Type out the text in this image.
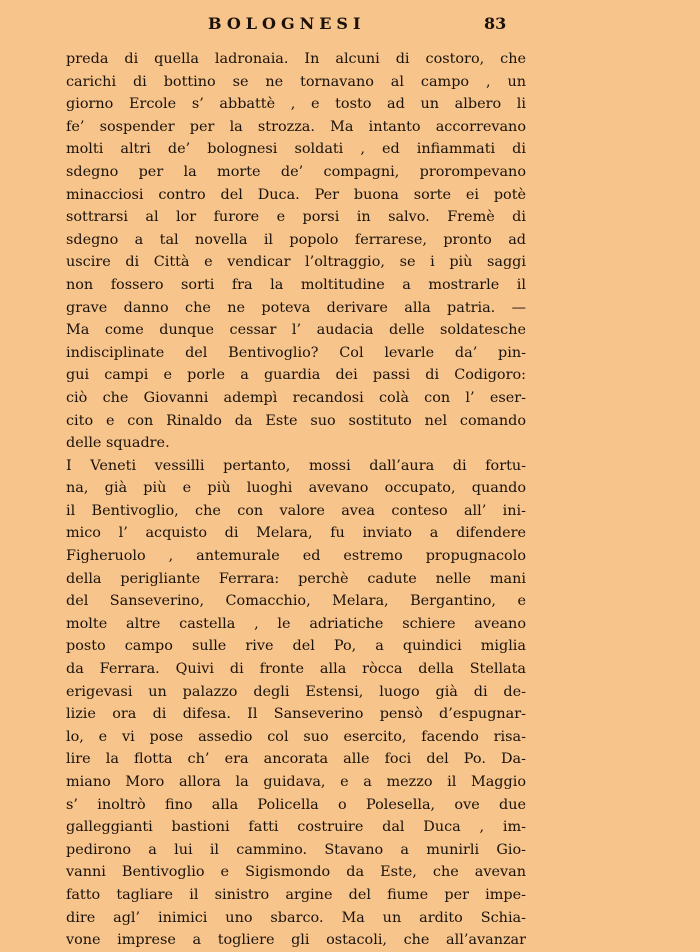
BOLOGNESI	83
preda di quella ladronaia. In alcuni di costoro, che
carichi di bottino se ne tornavano al campo , un
giorno Ercole s’ abbattè , e tosto ad un albero li
fe’ sospender per la strozza. Ma intanto accorrevano
molti altri de’ bolognesi soldati , ed infiammati di
sdegno per la morte de’ compagni, prorompevano
minacciosi contro del Duca. Per buona sorte ei potè
sottrarsi al lor furore e porsi in salvo. Fremè di
sdegno a tal novella il popolo ferrarese, pronto ad
uscire di Città e vendicar l’oltraggio, se i più saggi
non fossero sorti fra la moltitudine a mostrarle il
grave danno che ne poteva derivare alla patria. —
Ma come dunque cessar l’ audacia delle soldatesche
indisciplinate del Bentivoglio? Col levarle da’ pin-
gui campi e porle a guardia dei passi di Codigoro:
ciò che Giovanni adempì recandosi colà con l’ eser-
cito e con Rinaldo da Este suo sostituto nel comando
delle squadre.
I Veneti vessilli pertanto, mossi dall’aura di fortu-
na, già più e più luoghi avevano occupato, quando
il Bentivoglio, che con valore avea conteso all’ ini-
mico l’ acquisto di Melara, fu inviato a difendere
Figheruolo , antemurale ed estremo propugnacolo
della perigliante Ferrara: perchè cadute nelle mani
del Sanseverino, Comacchio, Melara, Bergantino, e
molte altre castella , le adriatiche schiere aveano
posto campo sulle rive del Po, a quindici miglia
da Ferrara. Quivi di fronte alla ròcca della Stellata
erigevasi un palazzo degli Estensi, luogo già di de-
lizie ora di difesa. Il Sanseverino pensò d’espugnar-
lo, e vi pose assedio col suo esercito, facendo risa-
lire la flotta ch’ era ancorata alle foci del Po. Da-
miano Moro allora la guidava, e a mezzo il Maggio
s’ inoltrò fino alla Policella o Polesella, ove due
galleggianti bastioni fatti costruire dal Duca , im-
pedirono a lui il cammino. Stavano a munirli Gio-
vanni Bentivoglio e Sigismondo da Este, che avevan
fatto tagliare il sinistro argine del fiume per impe-
dire agl’ inimici uno sbarco. Ma un ardito Schia-
vone imprese a togliere gli ostacoli, che all’avanzar
